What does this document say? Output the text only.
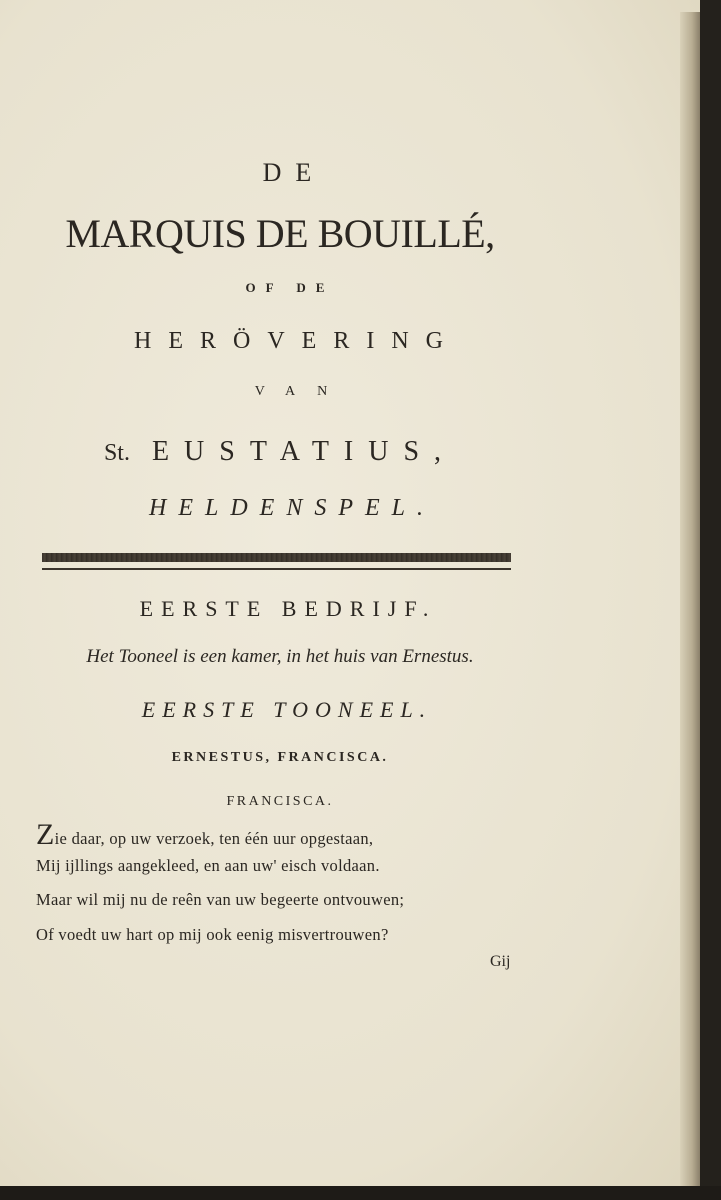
DE
MARQUIS DE BOUILLÉ,
OF DE
HERÖVERING
VAN
St. EUSTATIUS,
HELDENSPEL.
EERSTE BEDRIJF.
Het Tooneel is een kamer, in het huis van Ernestus.
EERSTE TOONEEL.
ERNESTUS, FRANCISCA.
FRANCISCA.
Zie daar, op uw verzoek, ten één uur opgestaan,
Mij ijllings aangekleed, en aan uw' eisch voldaan.
Maar wil mij nu de reên van uw begeerte ontvouwen;
Of voedt uw hart op mij ook eenig misvertrouwen?
Gij
